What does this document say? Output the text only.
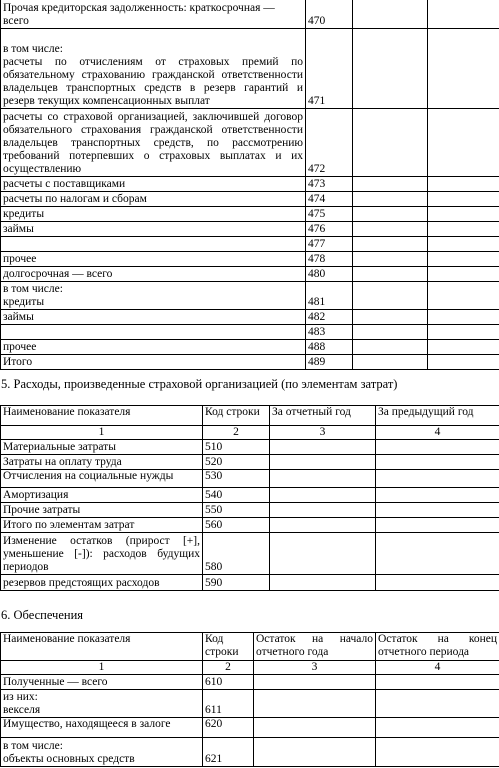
Прочая кредиторская задолженность: краткосрочная —
всего	470		

в том числе:
расчеты по отчислениям от страховых премий по обязательному страхованию гражданской ответственности владельцев транспортных средств в резерв гарантий и резерв текущих компенсационных выплат	471		

расчеты со страховой организацией, заключившей договор обязательного страхования гражданской ответственности владельцев транспортных средств, по рассмотрению требований потерпевших о страховых выплатах и их осуществлению	472		
расчеты с поставщиками	473		
расчеты по налогам и сборам	474		
кредиты	475		
займы	476		
	477		
прочее	478		
долгосрочная — всего	480		

в том числе:
кредиты	481		
займы	482		
	483		
прочее	488		
Итого	489		
5. Расходы, произведенные страховой организацией (по элементам затрат)
Наименование показателя	Код строки	За отчетный год	За предыдущий год
1	2	3	4
Материальные затраты	510		
Затраты на оплату труда	520		
Отчисления на социальные нужды	530		
Амортизация	540		
Прочие затраты	550		
Итого по элементам затрат	560		
Изменение остатков (прирост [+], уменьшение [-]): расходов будущих периодов	580		
резервов предстоящих расходов	590		
6. Обеспечения
Наименование показателя	Код строки	Остаток на начало отчетного года	Остаток на конец отчетного периода
1	2	3	4
Полученные — всего	610		

из них:
векселя	611		
Имущество, находящееся в залоге	620		

в том числе:
объекты основных средств	621		
